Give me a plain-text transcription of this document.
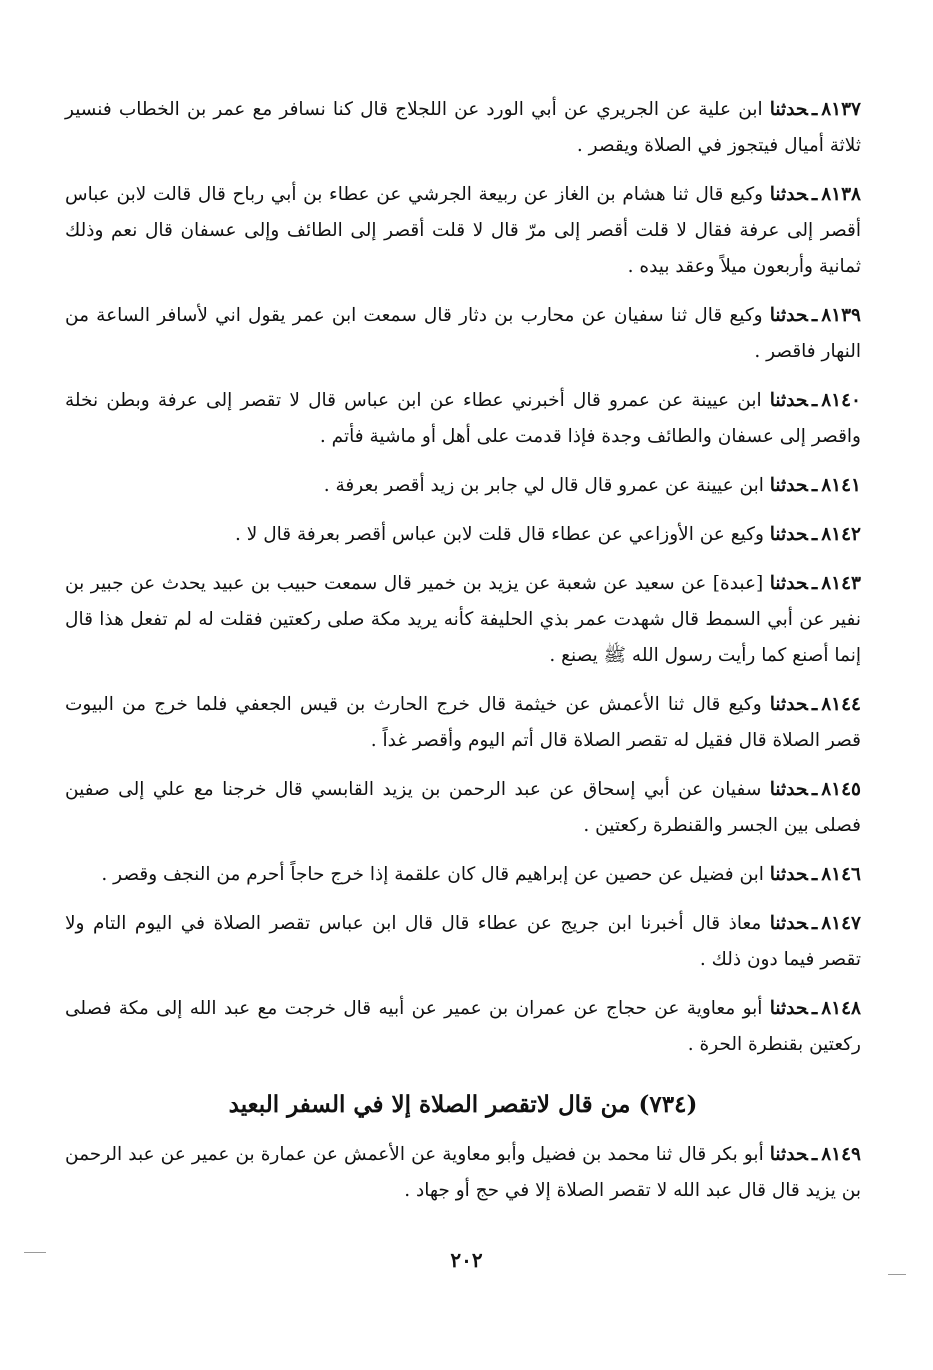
٨١٣٧ـحدثنا ابن علية عن الجريري عن أبي الورد عن اللجلاج قال كنا نسافر مع عمر بن الخطاب فنسير ثلاثة أميال فيتجوز في الصلاة ويقصر .

٨١٣٨ـحدثنا وكيع قال ثنا هشام بن الغاز عن ربيعة الجرشي عن عطاء بن أبي رباح قال قالت لابن عباس أقصر إلى عرفة فقال لا قلت أقصر إلى مرّ قال لا قلت أقصر إلى الطائف وإلى عسفان قال نعم وذلك ثمانية وأربعون ميلاً وعقد بيده .

٨١٣٩ـحدثنا وكيع قال ثنا سفيان عن محارب بن دثار قال سمعت ابن عمر يقول اني لأسافر الساعة من النهار فاقصر .

٨١٤٠ـحدثنا ابن عيينة عن عمرو قال أخبرني عطاء عن ابن عباس قال لا تقصر إلى عرفة وبطن نخلة واقصر إلى عسفان والطائف وجدة فإذا قدمت على أهل أو ماشية فأتم .

٨١٤١ـحدثنا ابن عيينة عن عمرو قال قال لي جابر بن زيد أقصر بعرفة .

٨١٤٢ـحدثنا وكيع عن الأوزاعي عن عطاء قال قلت لابن عباس أقصر بعرفة قال لا .

٨١٤٣ـحدثنا [عبدة] عن سعيد عن شعبة عن يزيد بن خمير قال سمعت حبيب بن عبيد يحدث عن جبير بن نفير عن أبي السمط قال شهدت عمر بذي الحليفة كأنه يريد مكة صلى ركعتين فقلت له لم تفعل هذا قال إنما أصنع كما رأيت رسول الله ﷺ يصنع .

٨١٤٤ـحدثنا وكيع قال ثنا الأعمش عن خيثمة قال خرج الحارث بن قيس الجعفي فلما خرج من البيوت قصر الصلاة قال فقيل له تقصر الصلاة قال أتم اليوم وأقصر غداً .

٨١٤٥ـحدثنا سفيان عن أبي إسحاق عن عبد الرحمن بن يزيد القابسي قال خرجنا مع علي إلى صفين فصلى بين الجسر والقنطرة ركعتين .

٨١٤٦ـحدثنا ابن فضيل عن حصين عن إبراهيم قال كان علقمة إذا خرج حاجاً أحرم من النجف وقصر .

٨١٤٧ـحدثنا معاذ قال أخبرنا ابن جريج عن عطاء قال قال ابن عباس تقصر الصلاة في اليوم التام ولا تقصر فيما دون ذلك .

٨١٤٨ـحدثنا أبو معاوية عن حجاج عن عمران بن عمير عن أبيه قال خرجت مع عبد الله إلى مكة فصلى ركعتين بقنطرة الحرة .

(٧٣٤) من قال لاتقصر الصلاة إلا في السفر البعيد

٨١٤٩ـحدثنا أبو بكر قال ثنا محمد بن فضيل وأبو معاوية عن الأعمش عن عمارة بن عمير عن عبد الرحمن بن يزيد قال قال عبد الله لا تقصر الصلاة إلا في حج أو جهاد .

٢٠٢
